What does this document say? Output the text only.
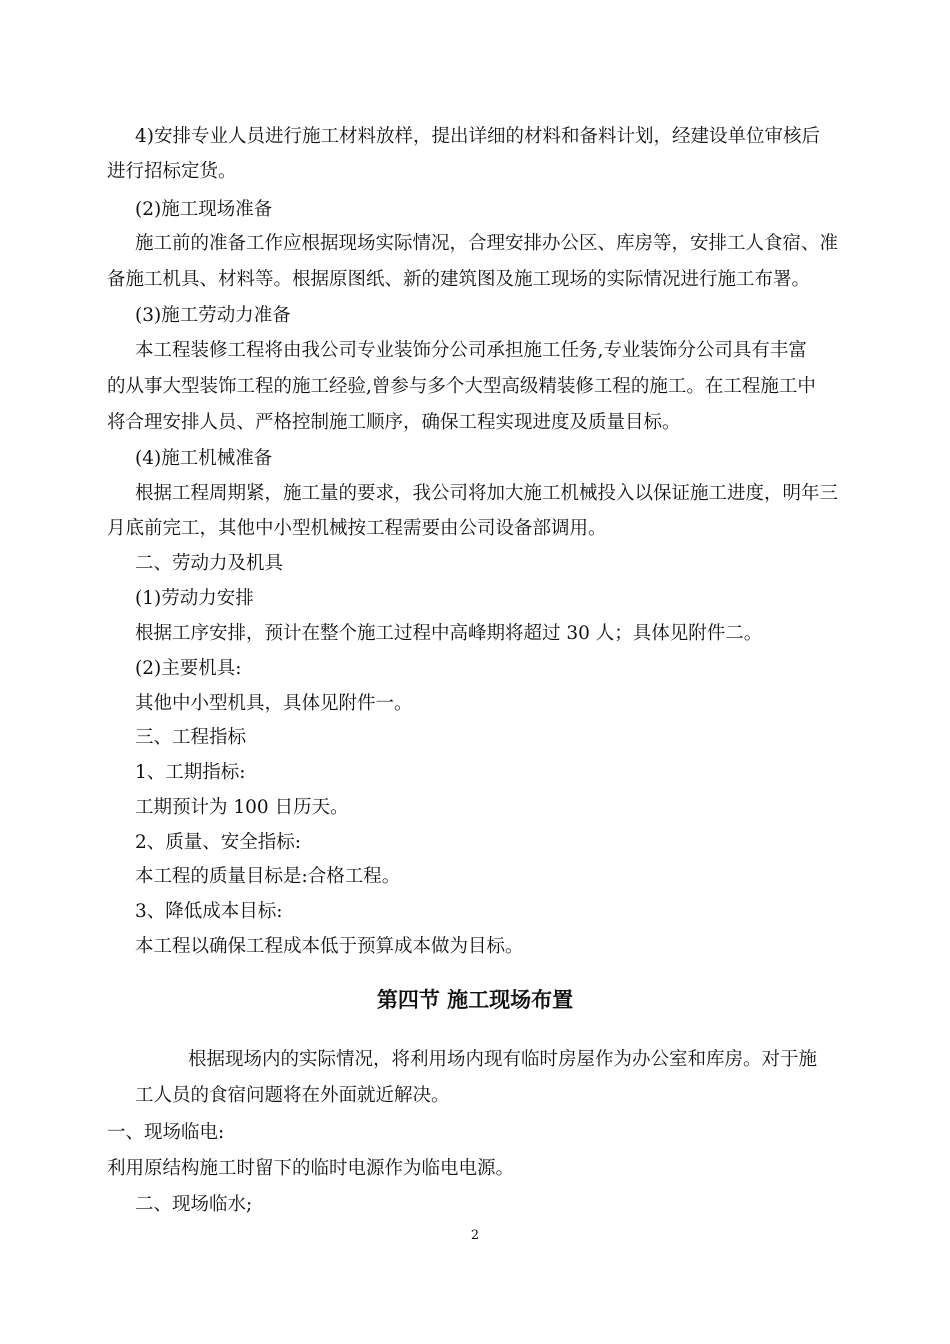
4)安排专业人员进行施工材料放样，提出详细的材料和备料计划，经建设单位审核后
进行招标定货。
(2)施工现场准备
施工前的准备工作应根据现场实际情况，合理安排办公区、库房等，安排工人食宿、准
备施工机具、材料等。根据原图纸、新的建筑图及施工现场的实际情况进行施工布署。
(3)施工劳动力准备
本工程装修工程将由我公司专业装饰分公司承担施工任务,专业装饰分公司具有丰富
的从事大型装饰工程的施工经验,曾参与多个大型高级精装修工程的施工。在工程施工中
将合理安排人员、严格控制施工顺序，确保工程实现进度及质量目标。
(4)施工机械准备
根据工程周期紧，施工量的要求，我公司将加大施工机械投入以保证施工进度，明年三
月底前完工，其他中小型机械按工程需要由公司设备部调用。
二、劳动力及机具
(1)劳动力安排
根据工序安排，预计在整个施工过程中高峰期将超过 30 人；具体见附件二。
(2)主要机具:
其他中小型机具，具体见附件一。
三、工程指标
1、工期指标:
工期预计为 100 日历天。
2、质量、安全指标:
本工程的质量目标是:合格工程。
3、降低成本目标:
本工程以确保工程成本低于预算成本做为目标。
第四节 施工现场布置
根据现场内的实际情况，将利用场内现有临时房屋作为办公室和库房。对于施
工人员的食宿问题将在外面就近解决。
一、现场临电:
利用原结构施工时留下的临时电源作为临电电源。
二、现场临水;
2
